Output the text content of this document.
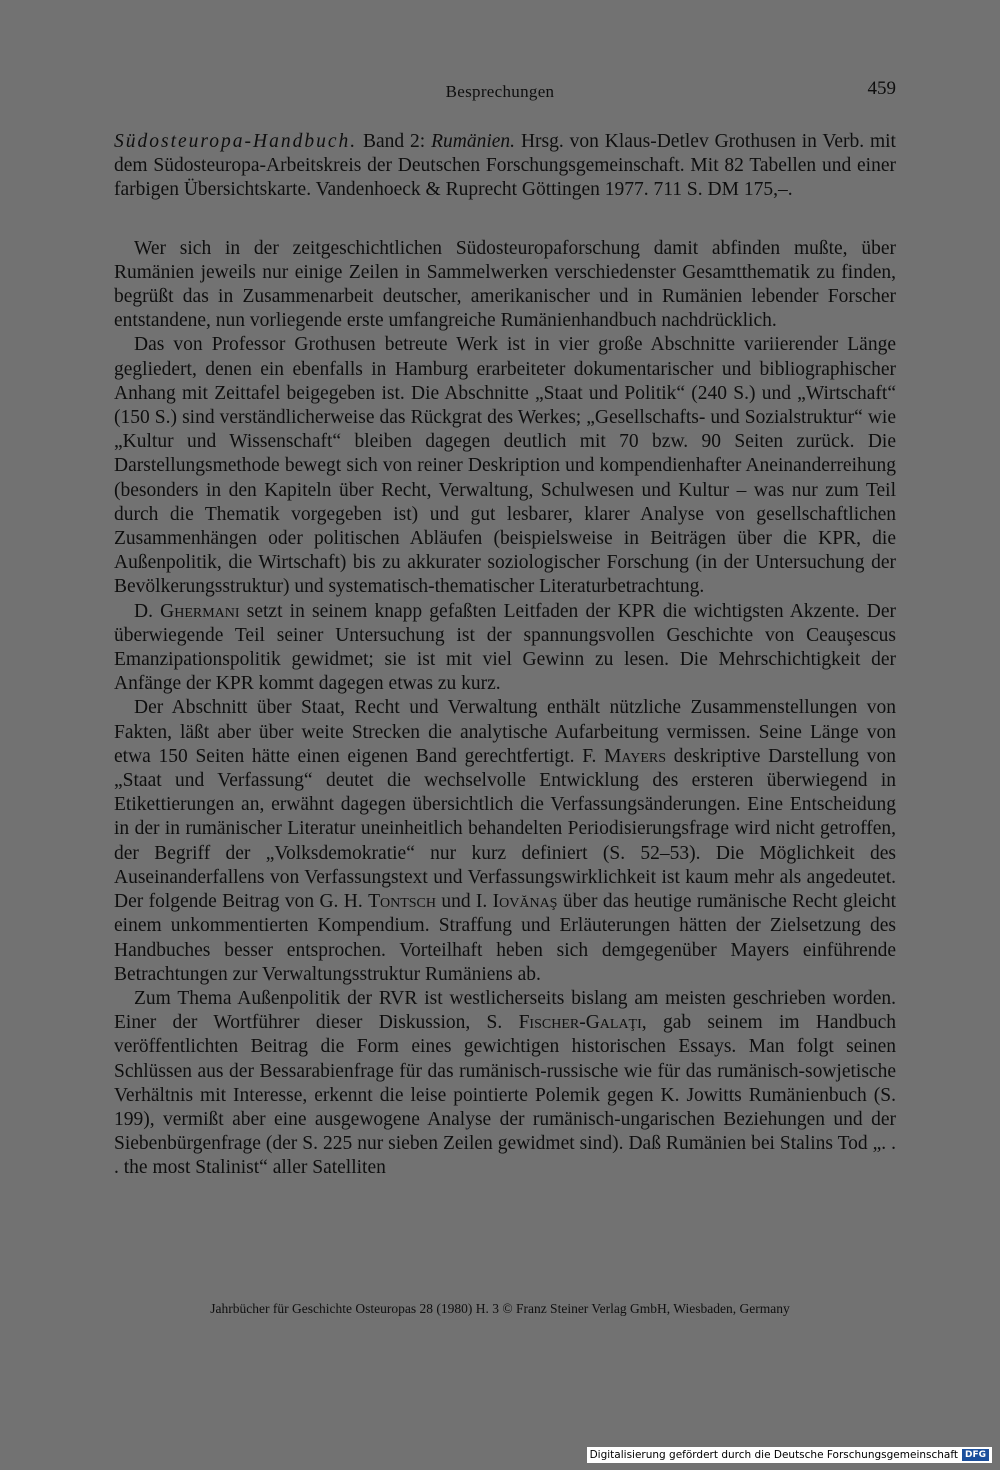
Besprechungen	459

Südosteuropa-Handbuch. Band 2: Rumänien. Hrsg. von Klaus-Detlev Grothusen in Verb. mit dem Südosteuropa-Arbeitskreis der Deutschen Forschungsgemeinschaft. Mit 82 Tabellen und einer farbigen Übersichtskarte. Vandenhoeck & Ruprecht Göttingen 1977. 711 S. DM 175,–.

Wer sich in der zeitgeschichtlichen Südosteuropaforschung damit abfinden mußte, über Rumänien jeweils nur einige Zeilen in Sammelwerken verschiedenster Gesamtthematik zu finden, begrüßt das in Zusammenarbeit deutscher, amerikanischer und in Rumänien lebender Forscher entstandene, nun vorliegende erste umfangreiche Rumänienhandbuch nachdrücklich.

Das von Professor Grothusen betreute Werk ist in vier große Abschnitte variierender Länge gegliedert, denen ein ebenfalls in Hamburg erarbeiteter dokumentarischer und bibliographischer Anhang mit Zeittafel beigegeben ist. Die Abschnitte „Staat und Politik“ (240 S.) und „Wirtschaft“ (150 S.) sind verständlicherweise das Rückgrat des Werkes; „Gesellschafts- und Sozialstruktur“ wie „Kultur und Wissenschaft“ bleiben dagegen deutlich mit 70 bzw. 90 Seiten zurück. Die Darstellungsmethode bewegt sich von reiner Deskription und kompendienhafter Aneinanderreihung (besonders in den Kapiteln über Recht, Verwaltung, Schulwesen und Kultur – was nur zum Teil durch die Thematik vorgegeben ist) und gut lesbarer, klarer Analyse von gesellschaftlichen Zusammenhängen oder politischen Abläufen (beispielsweise in Beiträgen über die KPR, die Außenpolitik, die Wirtschaft) bis zu akkurater soziologischer Forschung (in der Untersuchung der Bevölkerungsstruktur) und systematisch-thematischer Literaturbetrachtung.

D. Ghermani setzt in seinem knapp gefaßten Leitfaden der KPR die wichtigsten Akzente. Der überwiegende Teil seiner Untersuchung ist der spannungsvollen Geschichte von Ceauşescus Emanzipationspolitik gewidmet; sie ist mit viel Gewinn zu lesen. Die Mehrschichtigkeit der Anfänge der KPR kommt dagegen etwas zu kurz.

Der Abschnitt über Staat, Recht und Verwaltung enthält nützliche Zusammenstellungen von Fakten, läßt aber über weite Strecken die analytische Aufarbeitung vermissen. Seine Länge von etwa 150 Seiten hätte einen eigenen Band gerechtfertigt. F. Mayers deskriptive Darstellung von „Staat und Verfassung“ deutet die wechselvolle Entwicklung des ersteren überwiegend in Etikettierungen an, erwähnt dagegen übersichtlich die Verfassungsänderungen. Eine Entscheidung in der in rumänischer Literatur uneinheitlich behandelten Periodisierungsfrage wird nicht getroffen, der Begriff der „Volksdemokratie“ nur kurz definiert (S. 52–53). Die Möglichkeit des Auseinanderfallens von Verfassungstext und Verfassungswirklichkeit ist kaum mehr als angedeutet. Der folgende Beitrag von G. H. Tontsch und I. Iovănaş über das heutige rumänische Recht gleicht einem unkommentierten Kompendium. Straffung und Erläuterungen hätten der Zielsetzung des Handbuches besser entsprochen. Vorteilhaft heben sich demgegenüber Mayers einführende Betrachtungen zur Verwaltungsstruktur Rumäniens ab.

Zum Thema Außenpolitik der RVR ist westlicherseits bislang am meisten geschrieben worden. Einer der Wortführer dieser Diskussion, S. Fischer-Galaţi, gab seinem im Handbuch veröffentlichten Beitrag die Form eines gewichtigen historischen Essays. Man folgt seinen Schlüssen aus der Bessarabienfrage für das rumänisch-russische wie für das rumänisch-sowjetische Verhältnis mit Interesse, erkennt die leise pointierte Polemik gegen K. Jowitts Rumänienbuch (S. 199), vermißt aber eine ausgewogene Analyse der rumänisch-ungarischen Beziehungen und der Siebenbürgenfrage (der S. 225 nur sieben Zeilen gewidmet sind). Daß Rumänien bei Stalins Tod „. . . the most Stalinist“ aller Satelliten

Jahrbücher für Geschichte Osteuropas 28 (1980) H. 3 © Franz Steiner Verlag GmbH, Wiesbaden, Germany
Digitalisierung gefördert durch die Deutsche Forschungsgemeinschaft DFG
